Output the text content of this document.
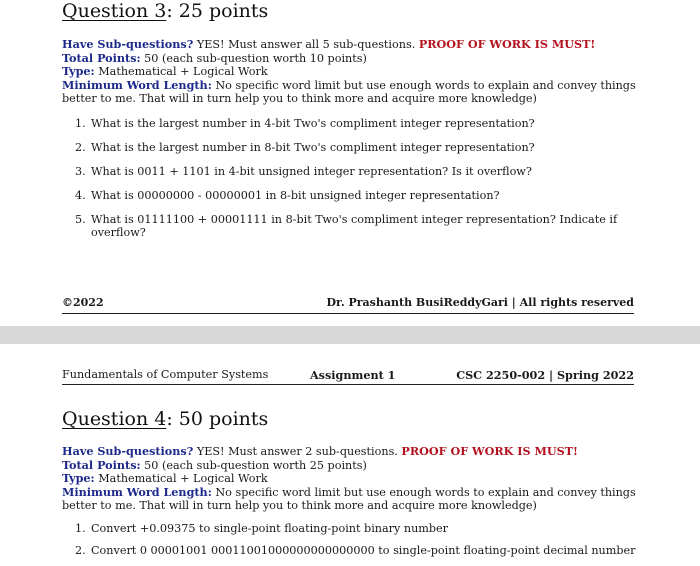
Question 3: 25 points
Have Sub-questions? YES! Must answer all 5 sub-questions. PROOF OF WORK IS MUST!
Total Points: 50 (each sub-question worth 10 points)
Type: Mathematical + Logical Work
Minimum Word Length: No specific word limit but use enough words to explain and convey things better to me. That will in turn help you to think more and acquire more knowledge)
1. What is the largest number in 4-bit Two's compliment integer representation?
2. What is the largest number in 8-bit Two's compliment integer representation?
3. What is 0011 + 1101 in 4-bit unsigned integer representation? Is it overflow?
4. What is 00000000 - 00000001 in 8-bit unsigned integer representation?
5. What is 01111100 + 00001111 in 8-bit Two's compliment integer representation? Indicate if overflow?
©2022	Dr. Prashanth BusiReddyGari | All rights reserved
Fundamentals of Computer Systems	Assignment 1	CSC 2250-002 | Spring 2022
Question 4: 50 points
Have Sub-questions? YES! Must answer 2 sub-questions. PROOF OF WORK IS MUST!
Total Points: 50 (each sub-question worth 25 points)
Type: Mathematical + Logical Work
Minimum Word Length: No specific word limit but use enough words to explain and convey things better to me. That will in turn help you to think more and acquire more knowledge)
1. Convert +0.09375 to single-point floating-point binary number
2. Convert 0 00001001 00011001000000000000000 to single-point floating-point decimal number
